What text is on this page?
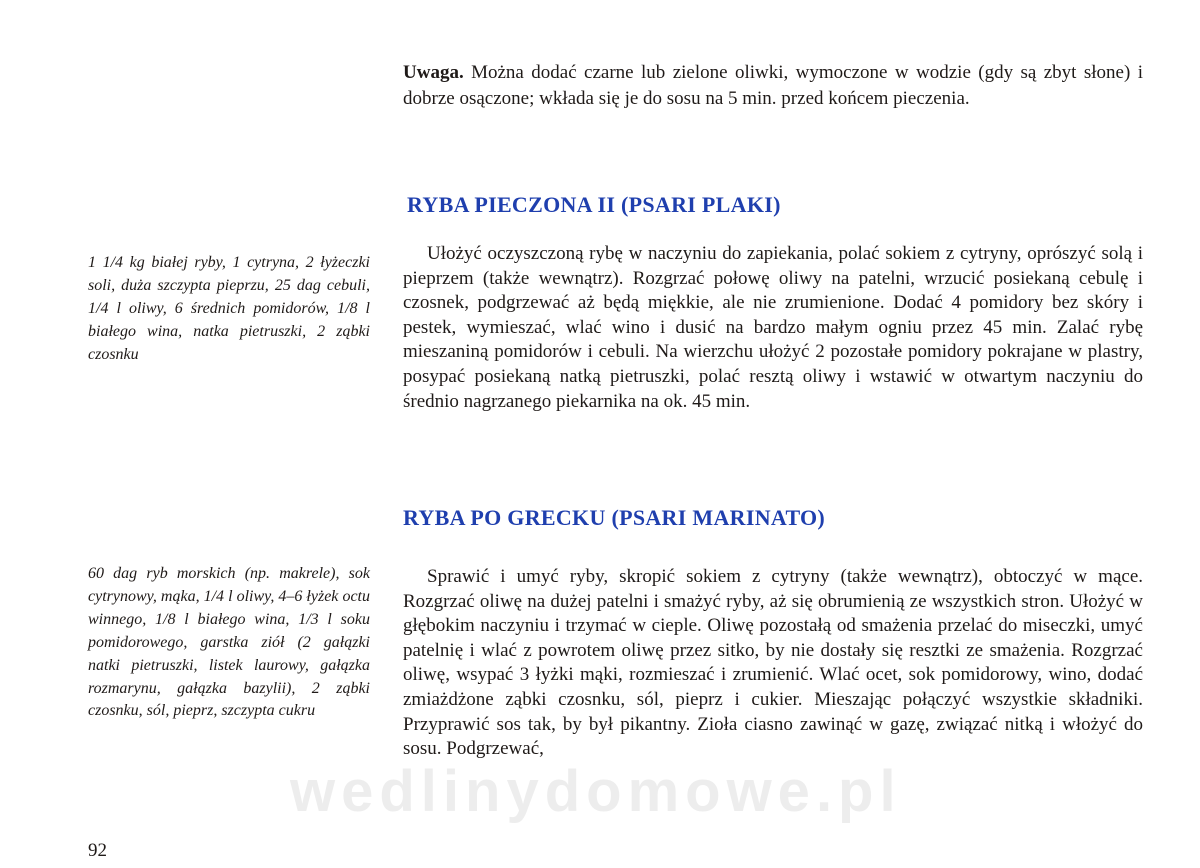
Uwaga. Można dodać czarne lub zielone oliwki, wymoczone w wodzie (gdy są zbyt słone) i dobrze osączone; wkłada się je do sosu na 5 min. przed końcem pieczenia.

RYBA PIECZONA II (PSARI PLAKI)

1 1/4 kg białej ryby, 1 cytryna, 2 łyżeczki soli, duża szczypta pieprzu, 25 dag cebuli, 1/4 l oliwy, 6 średnich pomidorów, 1/8 l białego wina, natka pietruszki, 2 ząbki czosnku

Ułożyć oczyszczoną rybę w naczyniu do zapiekania, polać sokiem z cytryny, oprószyć solą i pieprzem (także wewnątrz). Rozgrzać połowę oliwy na patelni, wrzucić posiekaną cebulę i czosnek, podgrzewać aż będą miękkie, ale nie zrumienione. Dodać 4 pomidory bez skóry i pestek, wymieszać, wlać wino i dusić na bardzo małym ogniu przez 45 min. Zalać rybę mieszaniną pomidorów i cebuli. Na wierzchu ułożyć 2 pozostałe pomidory pokrajane w plastry, posypać posiekaną natką pietruszki, polać resztą oliwy i wstawić w otwartym naczyniu do średnio nagrzanego piekarnika na ok. 45 min.

RYBA PO GRECKU (PSARI MARINATO)

60 dag ryb morskich (np. makrele), sok cytrynowy, mąka, 1/4 l oliwy, 4–6 łyżek octu winnego, 1/8 l białego wina, 1/3 l soku pomidorowego, garstka ziół (2 gałązki natki pietruszki, listek laurowy, gałązka rozmarynu, gałązka bazylii), 2 ząbki czosnku, sól, pieprz, szczypta cukru

Sprawić i umyć ryby, skropić sokiem z cytryny (także wewnątrz), obtoczyć w mące. Rozgrzać oliwę na dużej patelni i smażyć ryby, aż się obrumienią ze wszystkich stron. Ułożyć w głębokim naczyniu i trzymać w cieple. Oliwę pozostałą od smażenia przelać do miseczki, umyć patelnię i wlać z powrotem oliwę przez sitko, by nie dostały się resztki ze smażenia. Rozgrzać oliwę, wsypać 3 łyżki mąki, rozmieszać i zrumienić. Wlać ocet, sok pomidorowy, wino, dodać zmiażdżone ząbki czosnku, sól, pieprz i cukier. Mieszając połączyć wszystkie składniki. Przyprawić sos tak, by był pikantny. Zioła ciasno zawinąć w gazę, związać nitką i włożyć do sosu. Podgrzewać,

wedlinydomowe.pl
92
